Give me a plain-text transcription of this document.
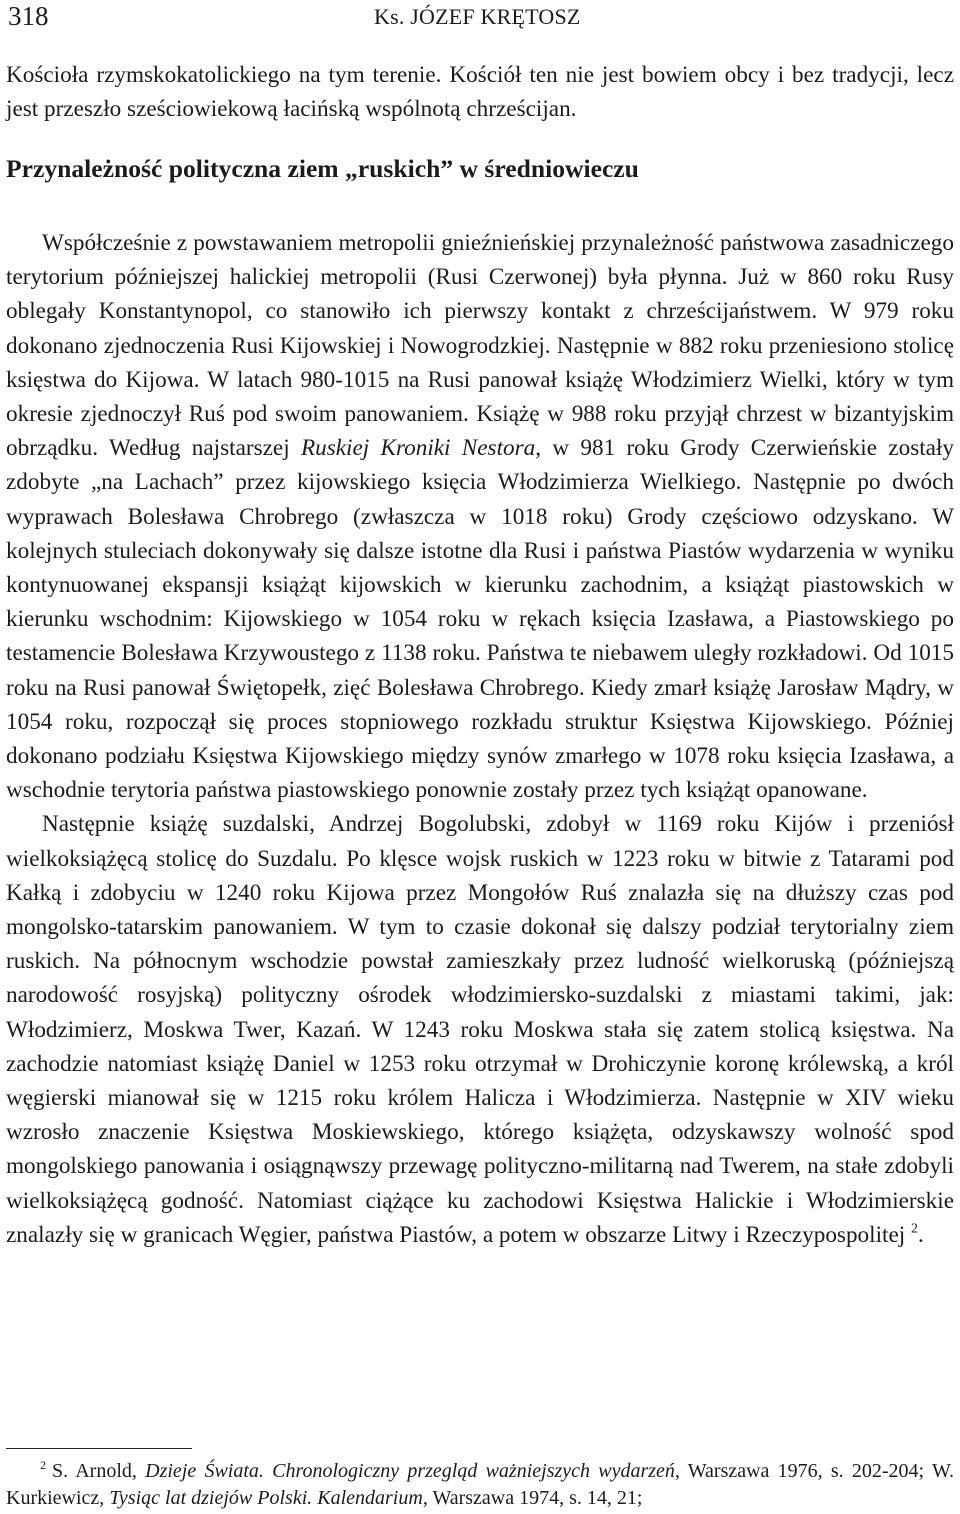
318	Ks. JÓZEF KRĘTOSZ

Kościoła rzymskokatolickiego na tym terenie. Kościół ten nie jest bowiem obcy i bez tradycji, lecz jest przeszło sześciowiekową łacińską wspólnotą chrześcijan.

Przynależność polityczna ziem „ruskich” w średniowieczu

Współcześnie z powstawaniem metropolii gnieźnieńskiej przynależność państwowa zasadniczego terytorium późniejszej halickiej metropolii (Rusi Czerwonej) była płynna. Już w 860 roku Rusy oblegały Konstantynopol, co stanowiło ich pierwszy kontakt z chrześcijaństwem. W 979 roku dokonano zjednoczenia Rusi Kijowskiej i Nowogrodzkiej. Następnie w 882 roku przeniesiono stolicę księstwa do Kijowa. W latach 980-1015 na Rusi panował książę Włodzimierz Wielki, który w tym okresie zjednoczył Ruś pod swoim panowaniem. Książę w 988 roku przyjął chrzest w bizantyjskim obrządku. Według najstarszej Ruskiej Kroniki Nestora, w 981 roku Grody Czerwieńskie zostały zdobyte „na Lachach” przez kijowskiego księcia Włodzimierza Wielkiego. Następnie po dwóch wyprawach Bolesława Chrobrego (zwłaszcza w 1018 roku) Grody częściowo odzyskano. W kolejnych stuleciach dokonywały się dalsze istotne dla Rusi i państwa Piastów wydarzenia w wyniku kontynuowanej ekspansji książąt kijowskich w kierunku zachodnim, a książąt piastowskich w kierunku wschodnim: Kijowskiego w 1054 roku w rękach księcia Izasława, a Piastowskiego po testamencie Bolesława Krzywoustego z 1138 roku. Państwa te niebawem uległy rozkładowi. Od 1015 roku na Rusi panował Świętopełk, zięć Bolesława Chrobrego. Kiedy zmarł książę Jarosław Mądry, w 1054 roku, rozpoczął się proces stopniowego rozkładu struktur Księstwa Kijowskiego. Później dokonano podziału Księstwa Kijowskiego między synów zmarłego w 1078 roku księcia Izasława, a wschodnie terytoria państwa piastowskiego ponownie zostały przez tych książąt opanowane.

Następnie książę suzdalski, Andrzej Bogolubski, zdobył w 1169 roku Kijów i przeniósł wielkoksiążęcą stolicę do Suzdalu. Po klęsce wojsk ruskich w 1223 roku w bitwie z Tatarami pod Kałką i zdobyciu w 1240 roku Kijowa przez Mongołów Ruś znalazła się na dłuższy czas pod mongolsko-tatarskim panowaniem. W tym to czasie dokonał się dalszy podział terytorialny ziem ruskich. Na północnym wschodzie powstał zamieszkały przez ludność wielkoruską (późniejszą narodowość rosyjską) polityczny ośrodek włodzimiersko-suzdalski z miastami takimi, jak: Włodzimierz, Moskwa Twer, Kazań. W 1243 roku Moskwa stała się zatem stolicą księstwa. Na zachodzie natomiast książę Daniel w 1253 roku otrzymał w Drohiczynie koronę królewską, a król węgierski mianował się w 1215 roku królem Halicza i Włodzimierza. Następnie w XIV wieku wzrosło znaczenie Księstwa Moskiewskiego, którego książęta, odzyskawszy wolność spod mongolskiego panowania i osiągnąwszy przewagę polityczno-militarną nad Twerem, na stałe zdobyli wielkoksiążęcą godność. Natomiast ciążące ku zachodowi Księstwa Halickie i Włodzimierskie znalazły się w granicach Węgier, państwa Piastów, a potem w obszarze Litwy i Rzeczypospolitej $^2$.

$^2$ S. Arnold, Dzieje Świata. Chronologiczny przegląd ważniejszych wydarzeń, Warszawa 1976, s. 202-204; W. Kurkiewicz, Tysiąc lat dziejów Polski. Kalendarium, Warszawa 1974, s. 14, 21;
